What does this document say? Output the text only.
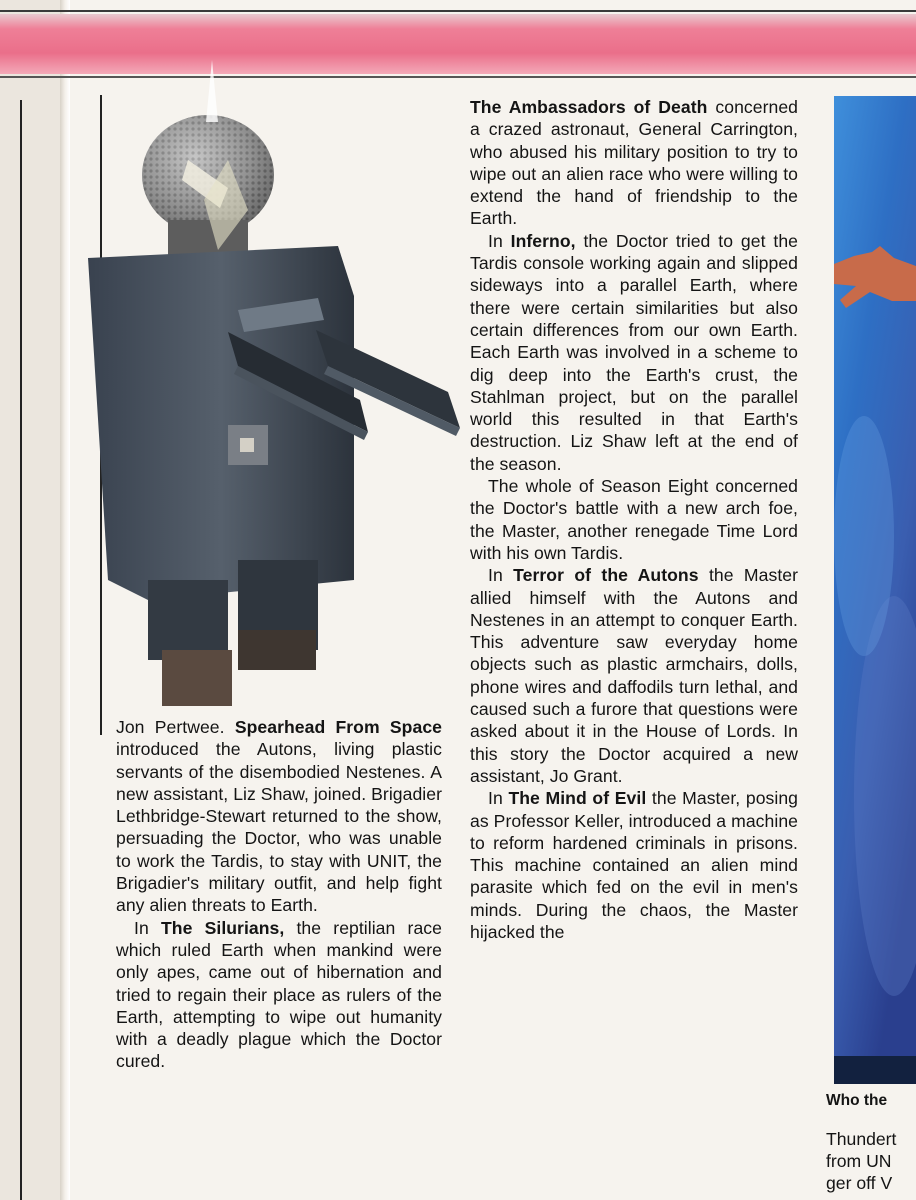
Jon Pertwee. Spearhead From Space introduced the Autons, living plastic servants of the disembodied Nestenes. A new assistant, Liz Shaw, joined. Brigadier Lethbridge-Stewart returned to the show, persuading the Doctor, who was unable to work the Tardis, to stay with UNIT, the Brigadier's military outfit, and help fight any alien threats to Earth.

In The Silurians, the reptilian race which ruled Earth when mankind were only apes, came out of hibernation and tried to regain their place as rulers of the Earth, attempting to wipe out humanity with a deadly plague which the Doctor cured.

The Ambassadors of Death concerned a crazed astronaut, General Carrington, who abused his military position to try to wipe out an alien race who were willing to extend the hand of friendship to the Earth.

In Inferno, the Doctor tried to get the Tardis console working again and slipped sideways into a parallel Earth, where there were certain similarities but also certain differences from our own Earth. Each Earth was involved in a scheme to dig deep into the Earth's crust, the Stahlman project, but on the parallel world this resulted in that Earth's destruction. Liz Shaw left at the end of the season.

The whole of Season Eight concerned the Doctor's battle with a new arch foe, the Master, another renegade Time Lord with his own Tardis.

In Terror of the Autons the Master allied himself with the Autons and Nestenes in an attempt to conquer Earth. This adventure saw everyday home objects such as plastic armchairs, dolls, phone wires and daffodils turn lethal, and caused such a furore that questions were asked about it in the House of Lords. In this story the Doctor acquired a new assistant, Jo Grant.

In The Mind of Evil the Master, posing as Professor Keller, introduced a machine to reform hardened criminals in prisons. This machine contained an alien mind parasite which fed on the evil in men's minds. During the chaos, the Master hijacked the

Who the
Thundert
from UN
ger off V
